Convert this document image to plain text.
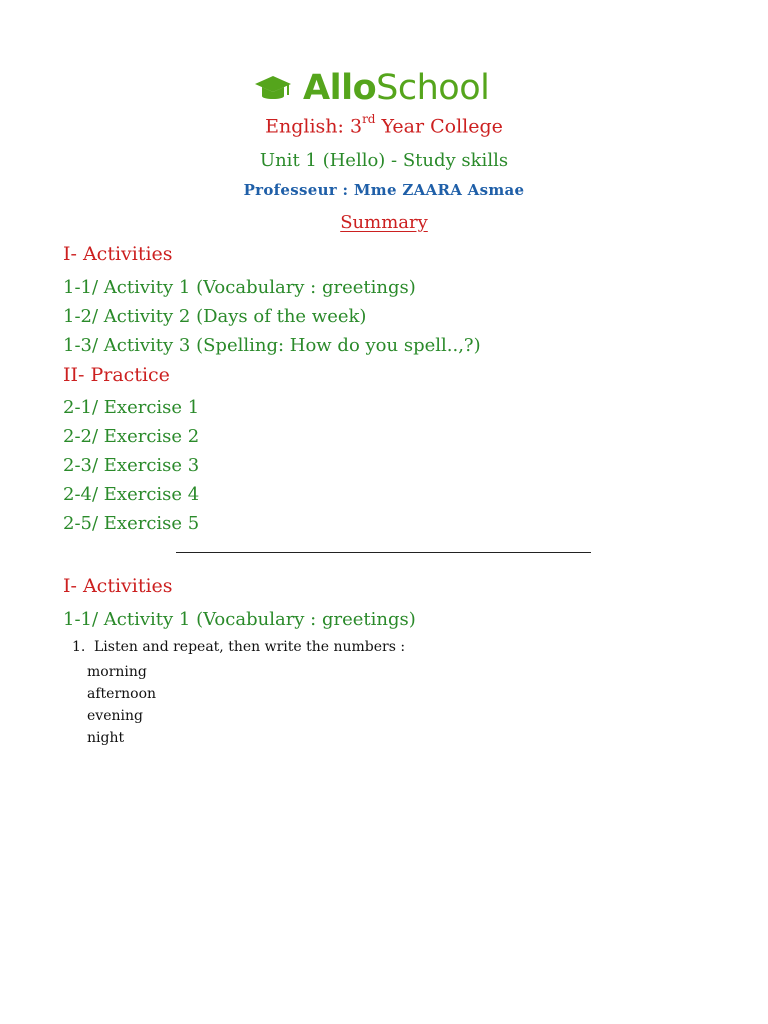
AlloSchool
English: 3rd Year College
Unit 1 (Hello) - Study skills
Professeur : Mme ZAARA Asmae
Summary
I- Activities
1-1/ Activity 1 (Vocabulary : greetings)
1-2/ Activity 2 (Days of the week)
1-3/ Activity 3 (Spelling: How do you spell..,?)
II- Practice
2-1/ Exercise 1
2-2/ Exercise 2
2-3/ Exercise 3
2-4/ Exercise 4
2-5/ Exercise 5
I- Activities
1-1/ Activity 1 (Vocabulary : greetings)
1. Listen and repeat, then write the numbers :
morning
afternoon
evening
night
